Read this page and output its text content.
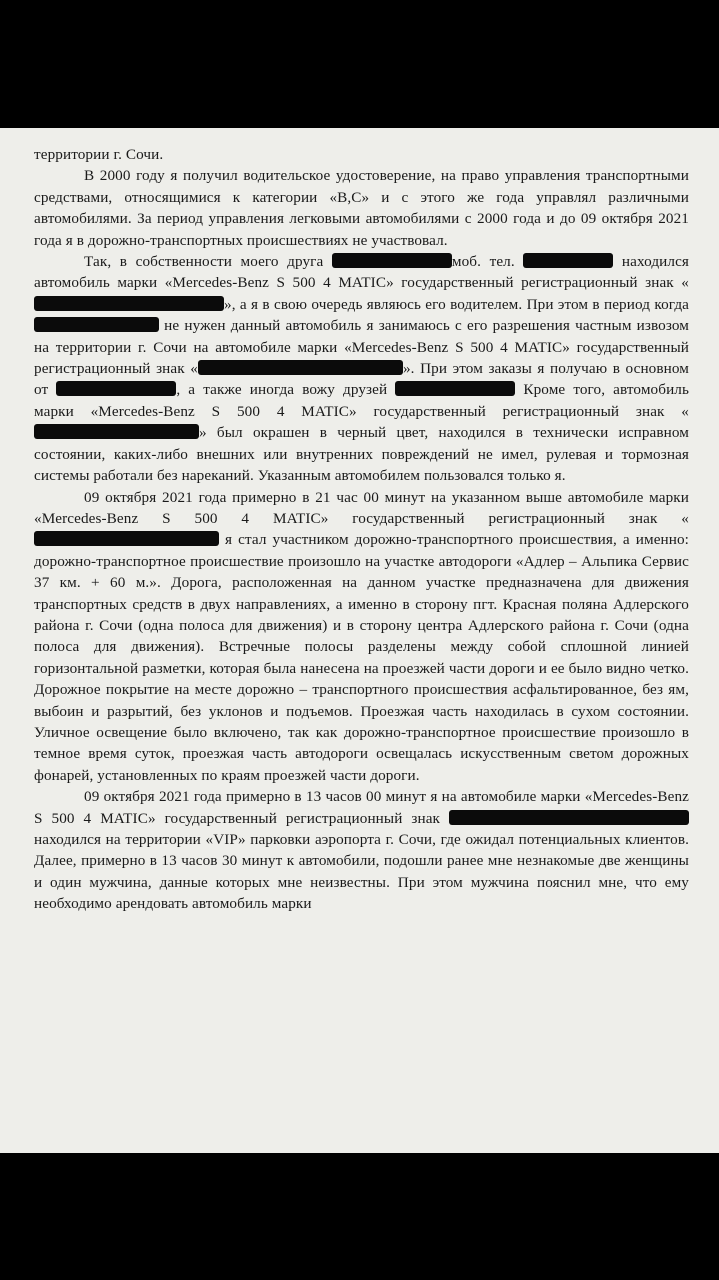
территории г. Сочи.

В 2000 году я получил водительское удостоверение, на право управления транспортными средствами, относящимися к категории «В,С» и с этого же года управлял различными автомобилями. За период управления легковыми автомобилями с 2000 года и до 09 октября 2021 года я в дорожно-транспортных происшествиях не участвовал.

Так, в собственности моего друга	моб. тел.	находился автомобиль марки «Mercedes-Benz S 500 4 MATIC» государственный регистрационный знак «», а я в свою очередь являюсь его водителем. При этом в период когда  не нужен данный автомобиль я занимаюсь с его разрешения частным извозом на территории г. Сочи на автомобиле марки «Mercedes-Benz S 500 4 MATIC» государственный регистрационный знак «	». При этом заказы я получаю в основном от	, а также иногда вожу друзей	Кроме того, автомобиль марки «Mercedes-Benz S 500 4 MATIC» государственный регистрационный знак «» был окрашен в черный цвет, находился в технически исправном состоянии, каких-либо внешних или внутренних повреждений не имел, рулевая и тормозная системы работали без нареканий. Указанным автомобилем пользовался только я.

09 октября 2021 года примерно в 21 час 00 минут на указанном выше автомобиле марки «Mercedes-Benz S 500 4 MATIC» государственный регистрационный знак « я стал участником дорожно-транспортного происшествия, а именно: дорожно-транспортное происшествие произошло на участке автодороги «Адлер – Альпика Сервис 37 км. + 60 м.». Дорога, расположенная на данном участке предназначена для движения транспортных средств в двух направлениях, а именно в сторону пгт. Красная поляна Адлерского района г. Сочи (одна полоса для движения) и в сторону центра Адлерского района г. Сочи (одна полоса для движения). Встречные полосы разделены между собой сплошной линией горизонтальной разметки, которая была нанесена на проезжей части дороги и ее было видно четко. Дорожное покрытие на месте дорожно – транспортного происшествия асфальтированное, без ям, выбоин и разрытий, без уклонов и подъемов. Проезжая часть находилась в сухом состоянии. Уличное освещение было включено, так как дорожно-транспортное происшествие произошло в темное время суток, проезжая часть автодороги освещалась искусственным светом дорожных фонарей, установленных по краям проезжей части дороги.

09 октября 2021 года примерно в 13 часов 00 минут я на автомобиле марки «Mercedes-Benz S 500 4 MATIC» государственный регистрационный знак  находился на территории «VIP» парковки аэропорта г. Сочи, где ожидал потенциальных клиентов. Далее, примерно в 13 часов 30 минут к автомобили, подошли ранее мне незнакомые две женщины и один мужчина, данные которых мне неизвестны. При этом мужчина пояснил мне, что ему необходимо арендовать автомобиль марки
